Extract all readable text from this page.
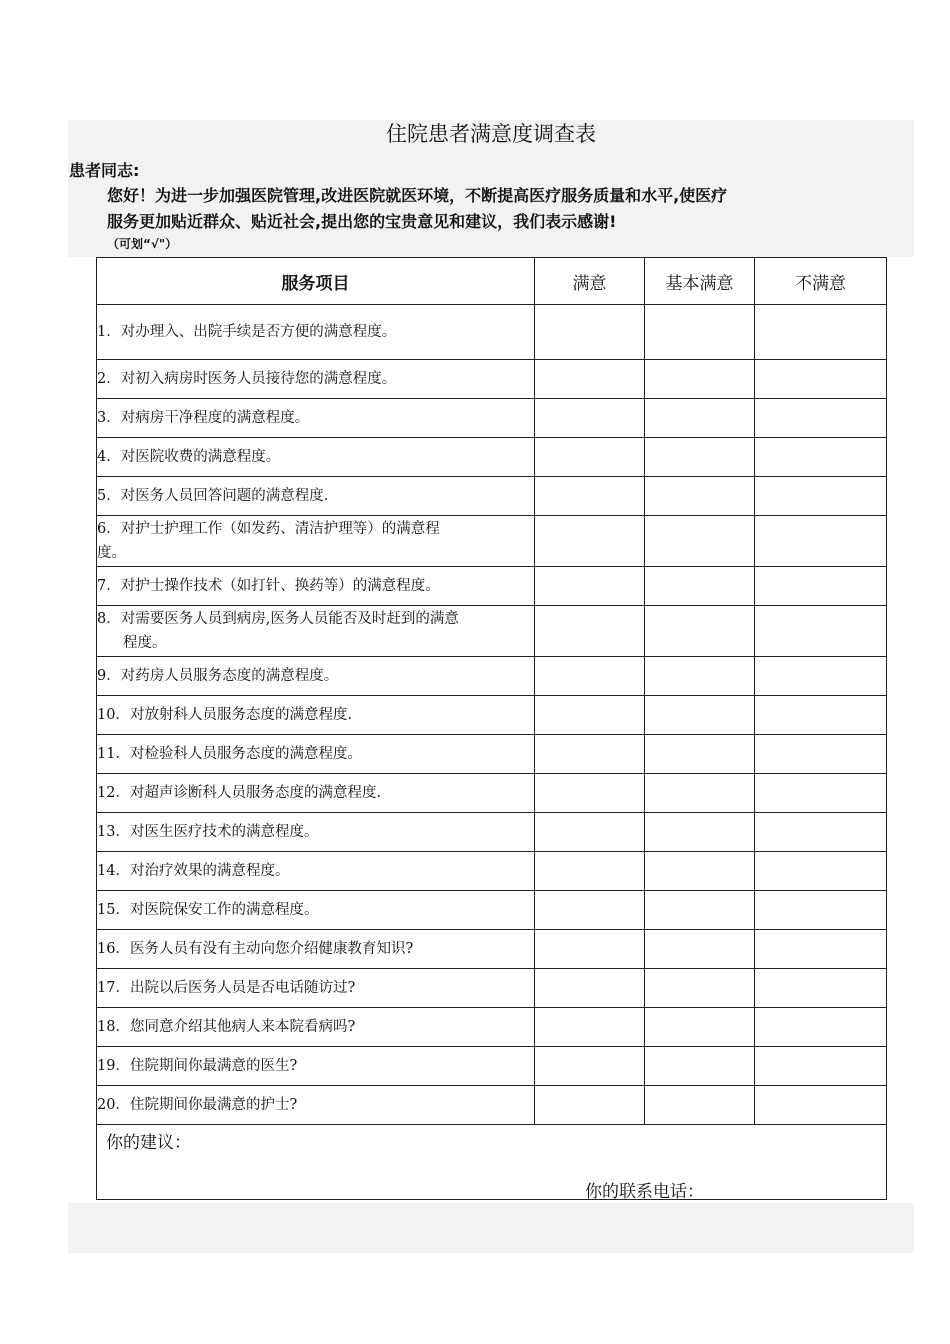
住院患者满意度调查表
患者同志:
您好！为进一步加强医院管理,改进医院就医环境，不断提高医疗服务质量和水平,使医疗
服务更加贴近群众、贴近社会,提出您的宝贵意见和建议，我们表示感谢!
（可划“√"）
服务项目	满意	基本满意	不满意
1．对办理入、出院手续是否方便的满意程度。			
2．对初入病房时医务人员接待您的满意程度。			
3．对病房干净程度的满意程度。			
4．对医院收费的满意程度。			
5．对医务人员回答问题的满意程度.			

6．对护士护理工作（如发药、清洁护理等）的满意程
度。			

7．对护士操作技术（如打针、换药等）的满意程度。			

8．对需要医务人员到病房,医务人员能否及时赶到的满意
程度。			

9．对药房人员服务态度的满意程度。			
10．对放射科人员服务态度的满意程度.			
11．对检验科人员服务态度的满意程度。			
12．对超声诊断科人员服务态度的满意程度.			
13．对医生医疗技术的满意程度。			
14．对治疗效果的满意程度。			
15．对医院保安工作的满意程度。			
16．医务人员有没有主动向您介绍健康教育知识?			
17．出院以后医务人员是否电话随访过?			
18．您同意介绍其他病人来本院看病吗?			
19．住院期间你最满意的医生?			
20．住院期间你最满意的护士?			

你的建议：
你的联系电话：			
